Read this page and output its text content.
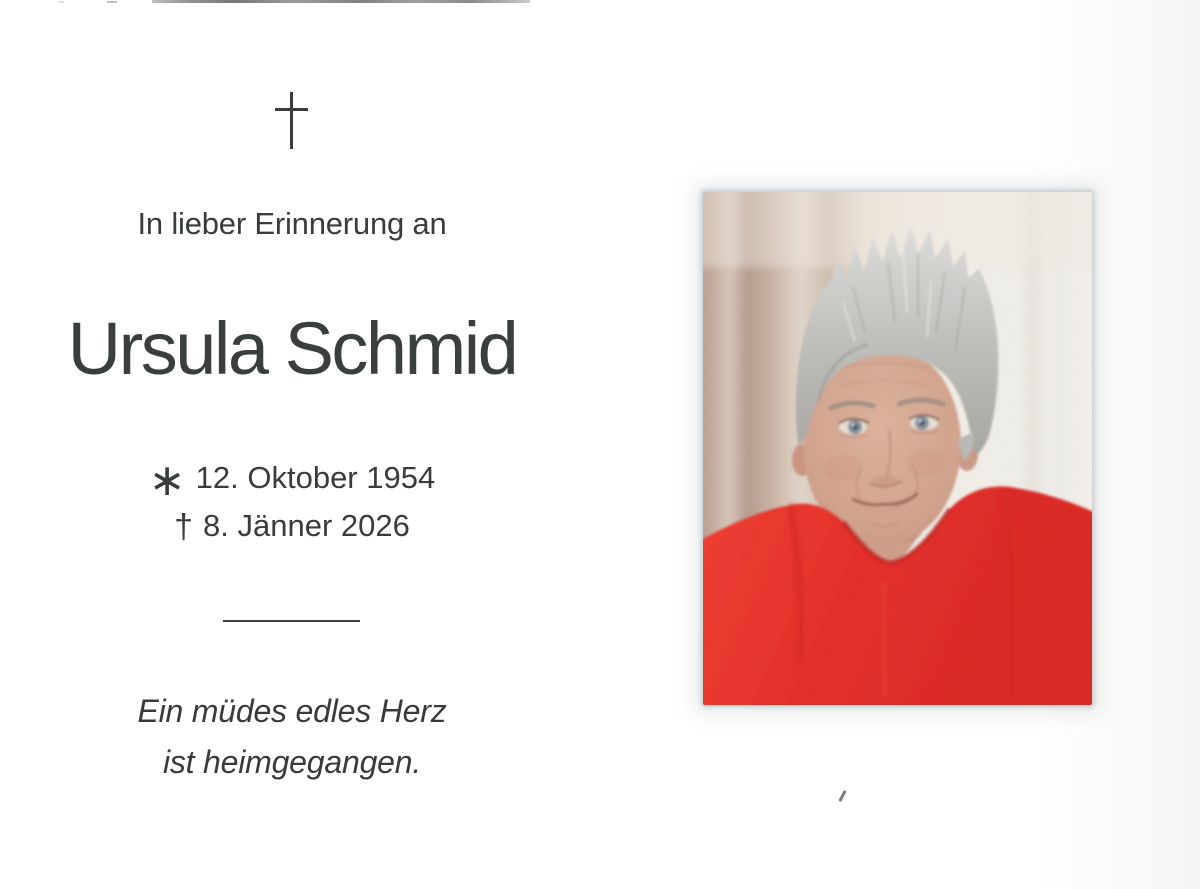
In lieber Erinnerung an
Ursula Schmid
∗ 12. Oktober 1954
† 8. Jänner 2026
Ein müdes edles Herz
ist heimgegangen.
